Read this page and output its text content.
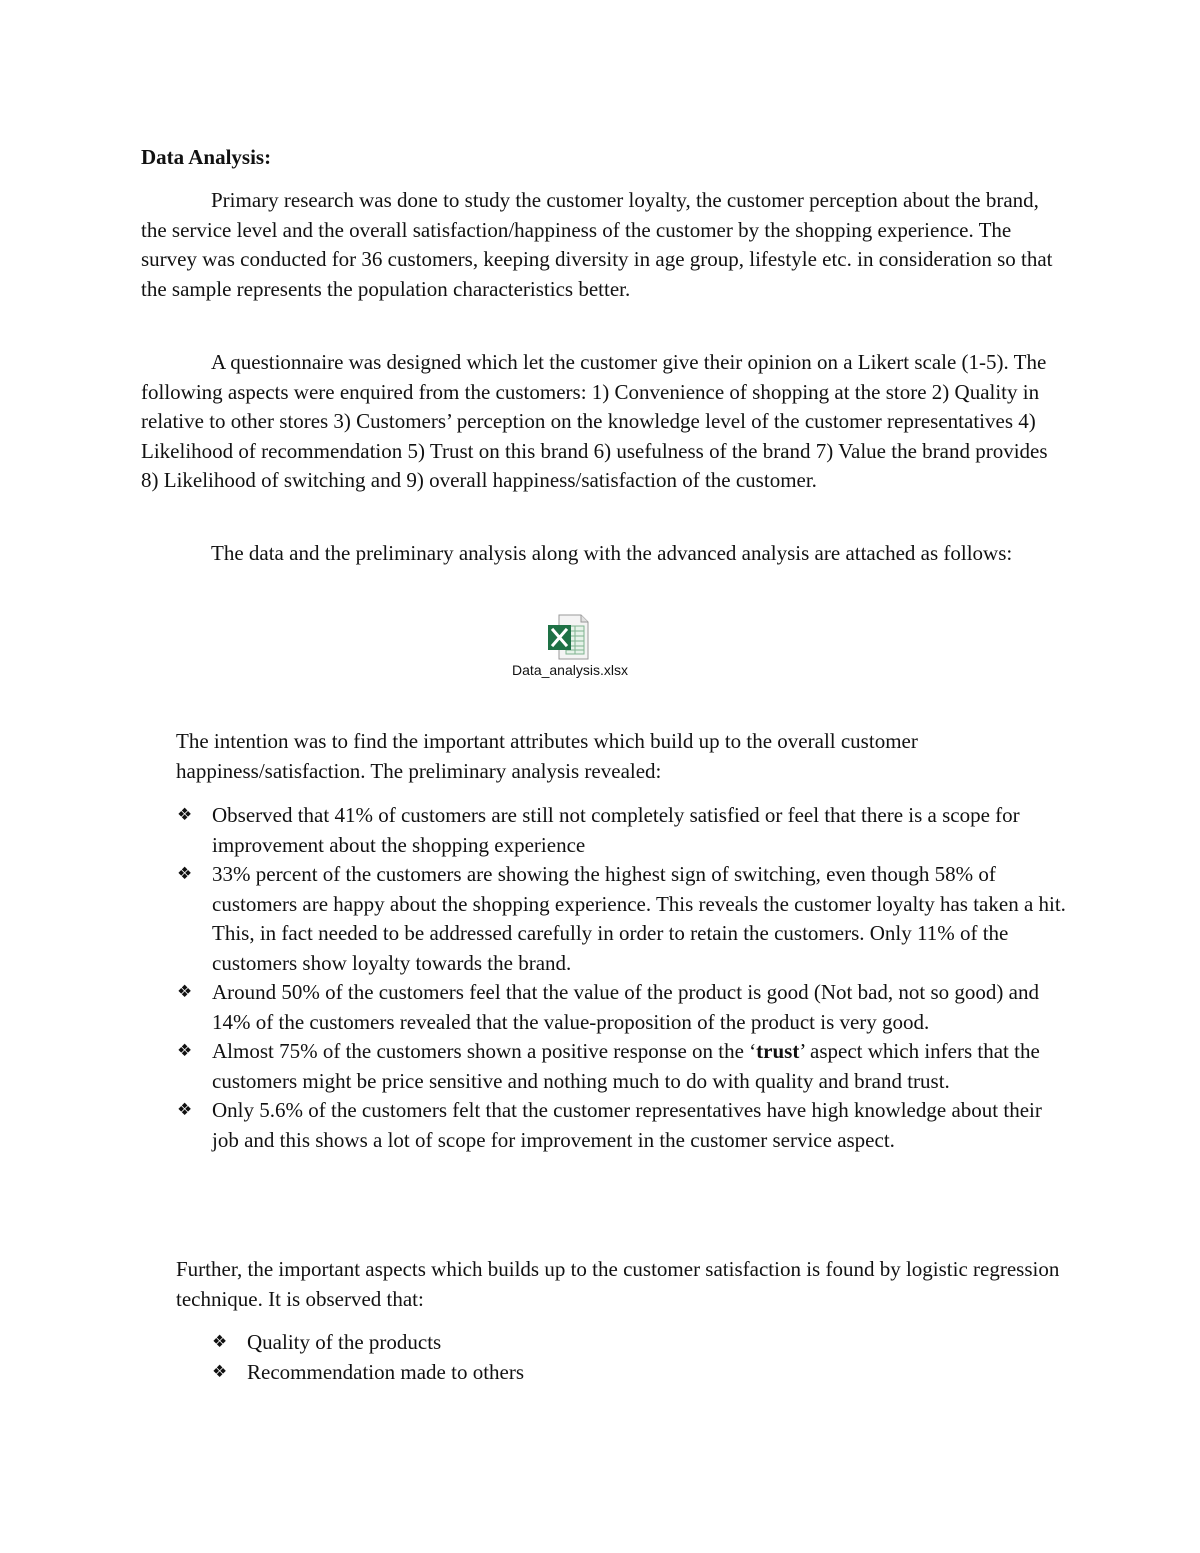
Data Analysis:

Primary research was done to study the customer loyalty, the customer perception about the brand, the service level and the overall satisfaction/happiness of the customer by the shopping experience. The survey was conducted for 36 customers, keeping diversity in age group, lifestyle etc. in consideration so that the sample represents the population characteristics better.

A questionnaire was designed which let the customer give their opinion on a Likert scale (1-5). The following aspects were enquired from the customers: 1) Convenience of shopping at the store 2) Quality in relative to other stores 3) Customers’ perception on the knowledge level of the customer representatives 4) Likelihood of recommendation 5) Trust on this brand 6) usefulness of the brand 7) Value the brand provides 8) Likelihood of switching and 9) overall happiness/satisfaction of the customer.

The data and the preliminary analysis along with the advanced analysis are attached as follows:

Data_analysis.xlsx

The intention was to find the important attributes which build up to the overall customer happiness/satisfaction. The preliminary analysis revealed:

❖ Observed that 41% of customers are still not completely satisfied or feel that there is a scope for improvement about the shopping experience
❖ 33% percent of the customers are showing the highest sign of switching, even though 58% of customers are happy about the shopping experience. This reveals the customer loyalty has taken a hit. This, in fact needed to be addressed carefully in order to retain the customers. Only 11% of the customers show loyalty towards the brand.
❖ Around 50% of the customers feel that the value of the product is good (Not bad, not so good) and 14% of the customers revealed that the value-proposition of the product is very good.
❖ Almost 75% of the customers shown a positive response on the ‘trust’ aspect which infers that the customers might be price sensitive and nothing much to do with quality and brand trust.
❖ Only 5.6% of the customers felt that the customer representatives have high knowledge about their job and this shows a lot of scope for improvement in the customer service aspect.

Further, the important aspects which builds up to the customer satisfaction is found by logistic regression technique. It is observed that:

❖ Quality of the products
❖ Recommendation made to others
